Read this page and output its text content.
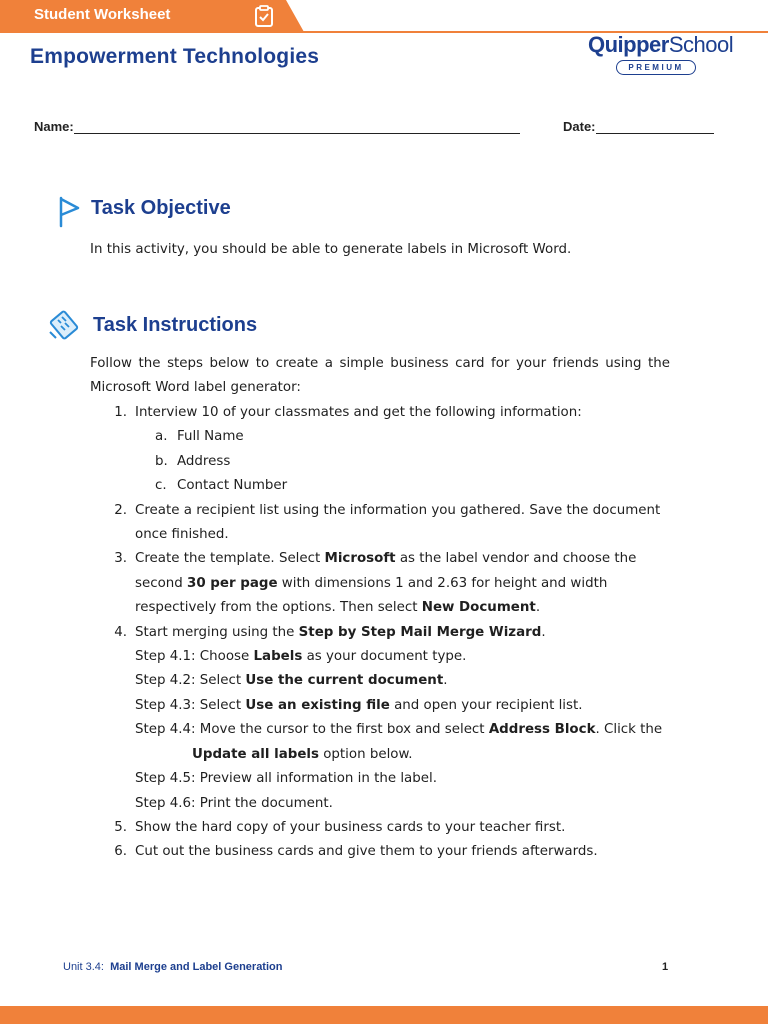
Student Worksheet
Empowerment Technologies	QuipperSchool
PREMIUM
Name:	Date:
Task Objective
In this activity, you should be able to generate labels in Microsoft Word.
Task Instructions
Follow the steps below to create a simple business card for your friends using the Microsoft Word label generator:
1. Interview 10 of your classmates and get the following information:
a. Full Name
b. Address
c. Contact Number
2. Create a recipient list using the information you gathered. Save the document once finished.
3. Create the template. Select Microsoft as the label vendor and choose the second 30 per page with dimensions 1 and 2.63 for height and width respectively from the options. Then select New Document.
4. Start merging using the Step by Step Mail Merge Wizard.
Step 4.1: Choose Labels as your document type.
Step 4.2: Select Use the current document.
Step 4.3: Select Use an existing file and open your recipient list.
Step 4.4: Move the cursor to the first box and select Address Block. Click the
Update all labels option below.
Step 4.5: Preview all information in the label.
Step 4.6: Print the document.
5. Show the hard copy of your business cards to your teacher first.
6. Cut out the business cards and give them to your friends afterwards.
Unit 3.4: Mail Merge and Label Generation	1
